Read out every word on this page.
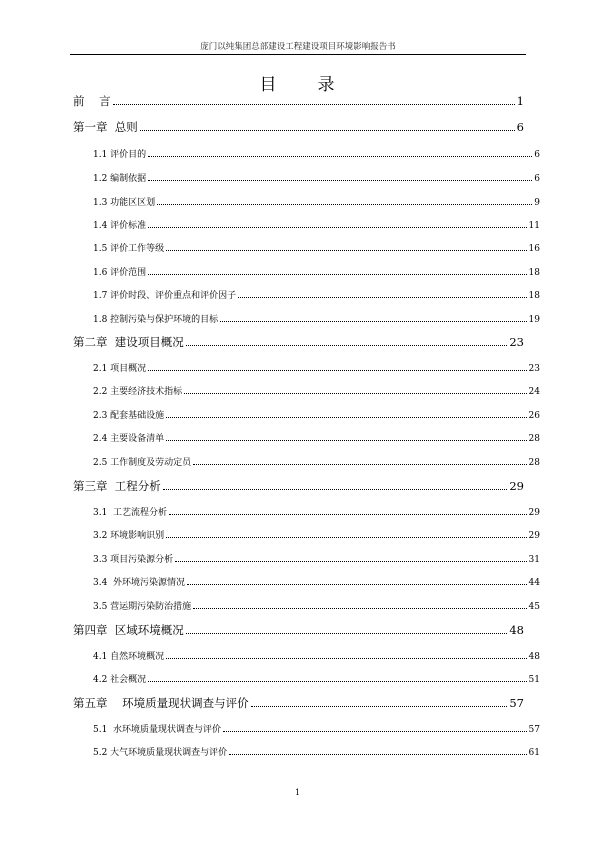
庞门以纯集团总部建设工程建设项目环境影响报告书
目 录
前    言	1
第一章  总则	6
1.1 评价目的	6
1.2 编制依据	6
1.3 功能区区划	9
1.4 评价标准	11
1.5 评价工作等级	16
1.6 评价范围	18
1.7 评价时段、评价重点和评价因子	18
1.8 控制污染与保护环境的目标	19
第二章  建设项目概况	23
2.1 项目概况	23
2.2 主要经济技术指标	24
2.3 配套基础设施	26
2.4 主要设备清单	28
2.5 工作制度及劳动定员	28
第三章  工程分析	29
3.1  工艺流程分析	29
3.2 环境影响识别	29
3.3 项目污染源分析	31
3.4  外环境污染源情况	44
3.5 营运期污染防治措施	45
第四章  区域环境概况	48
4.1 自然环境概况	48
4.2 社会概况	51
第五章    环境质量现状调查与评价	57
5.1  水环境质量现状调查与评价	57
5.2 大气环境质量现状调查与评价	61
1
